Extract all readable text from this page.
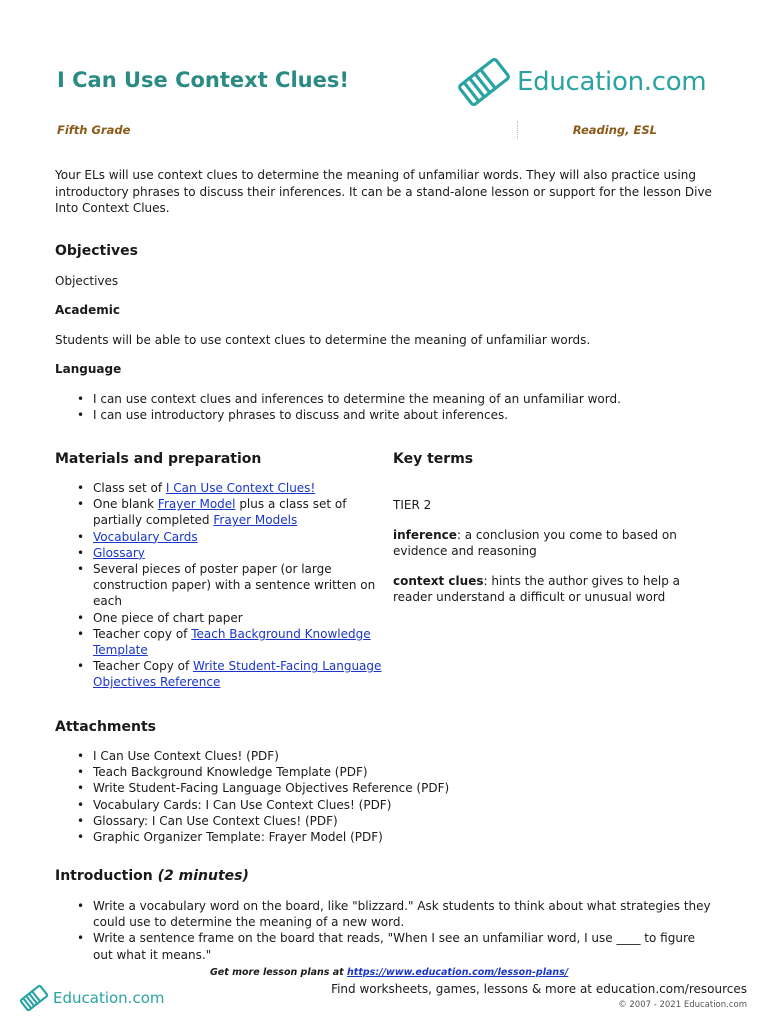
I Can Use Context Clues!	Education.com
Fifth Grade	Reading, ESL

Your ELs will use context clues to determine the meaning of unfamiliar words. They will also practice using introductory phrases to discuss their inferences. It can be a stand-alone lesson or support for the lesson Dive Into Context Clues.

Objectives
Objectives
Academic
Students will be able to use context clues to determine the meaning of unfamiliar words.
Language
• I can use context clues and inferences to determine the meaning of an unfamiliar word.
• I can use introductory phrases to discuss and write about inferences.
Materials and preparation
• Class set of I Can Use Context Clues!
• One blank Frayer Model plus a class set of partially completed Frayer Models
• Vocabulary Cards
• Glossary
• Several pieces of poster paper (or large construction paper) with a sentence written on each
• One piece of chart paper
• Teacher copy of Teach Background Knowledge Template
• Teacher Copy of Write Student-Facing Language Objectives Reference
Key terms
TIER 2
inference: a conclusion you come to based on evidence and reasoning
context clues: hints the author gives to help a reader understand a difficult or unusual word
Attachments
• I Can Use Context Clues! (PDF)
• Teach Background Knowledge Template (PDF)
• Write Student-Facing Language Objectives Reference (PDF)
• Vocabulary Cards: I Can Use Context Clues! (PDF)
• Glossary: I Can Use Context Clues! (PDF)
• Graphic Organizer Template: Frayer Model (PDF)
Introduction (2 minutes)
• Write a vocabulary word on the board, like "blizzard." Ask students to think about what strategies they could use to determine the meaning of a new word.
• Write a sentence frame on the board that reads, "When I see an unfamiliar word, I use ____ to figure out what it means."
Get more lesson plans at https://www.education.com/lesson-plans/
Education.com	Find worksheets, games, lessons & more at education.com/resources
© 2007 - 2021 Education.com
